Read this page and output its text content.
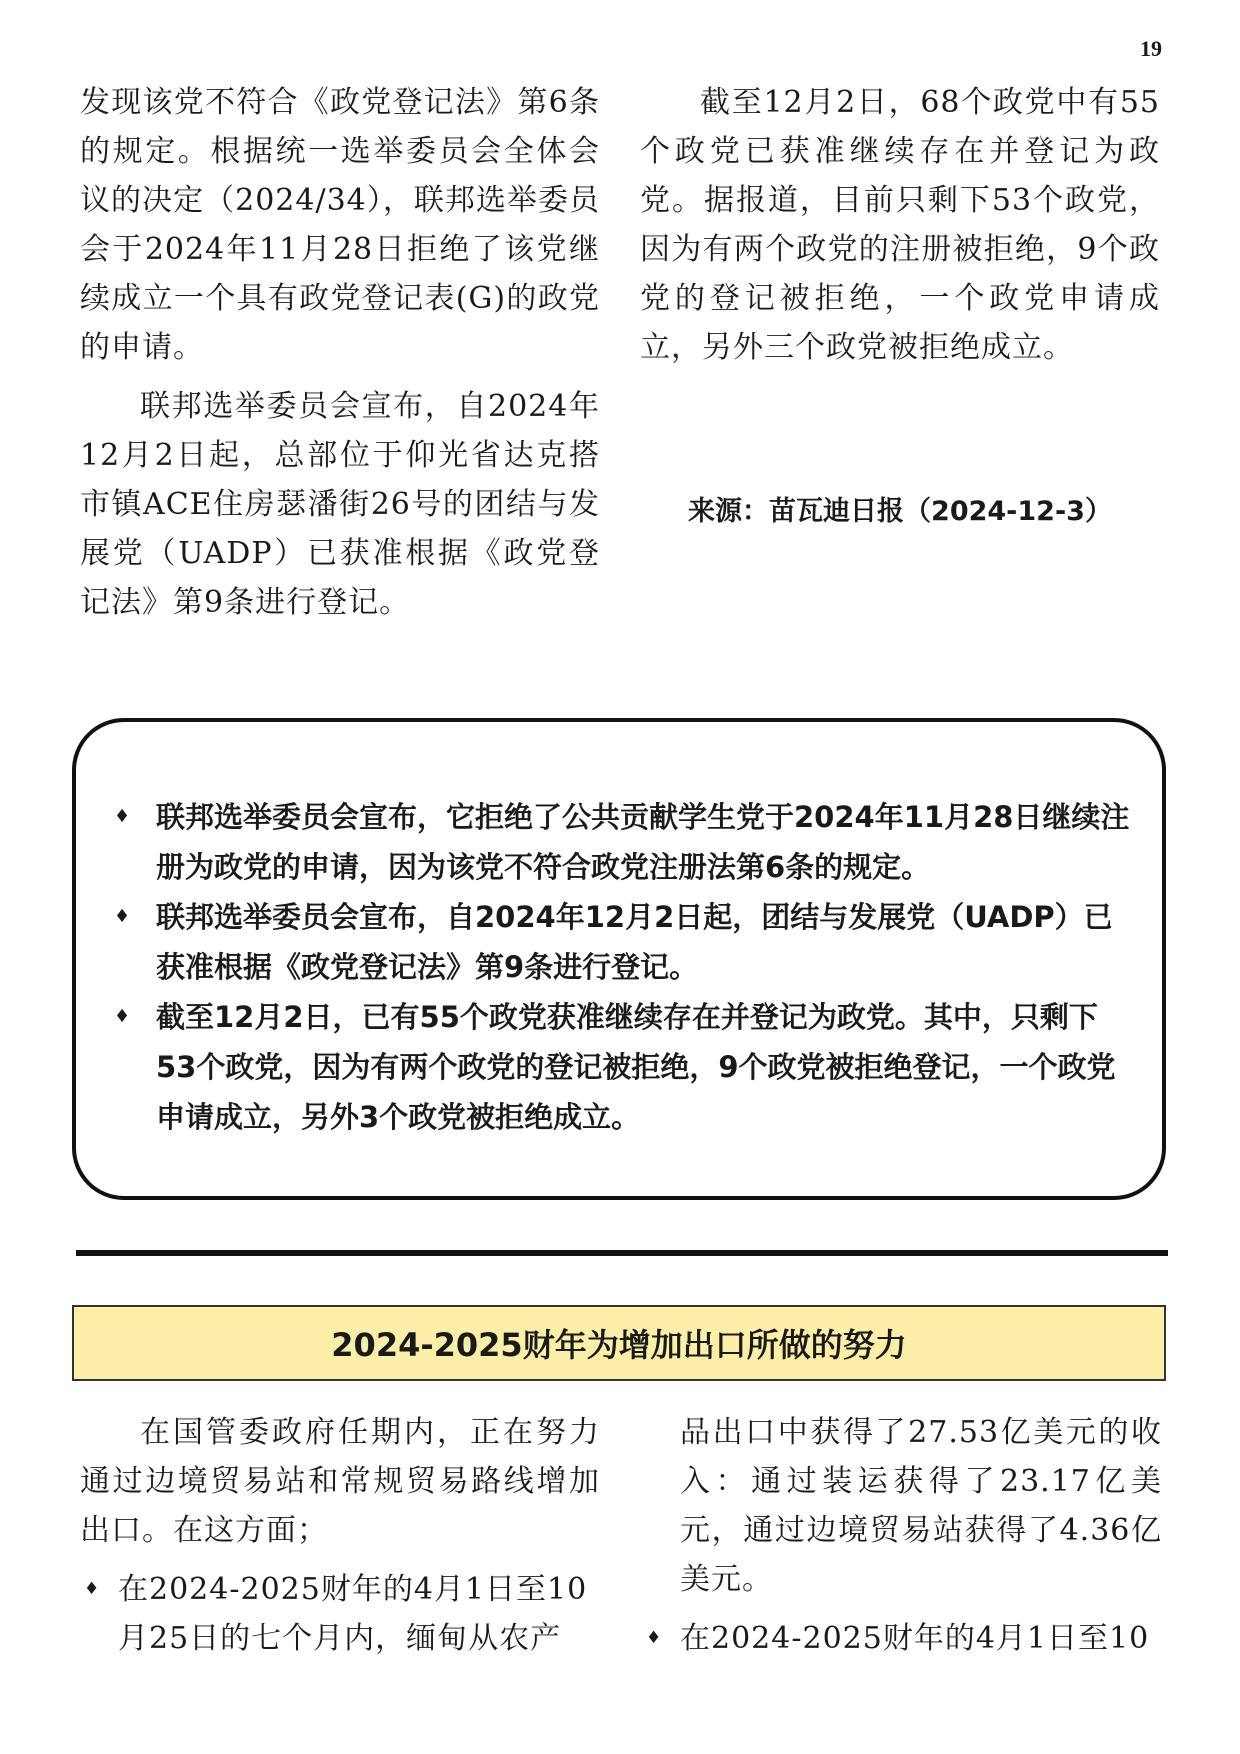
19

发现该党不符合《政党登记法》第6条的规定。根据统一选举委员会全体会议的决定（2024/34），联邦选举委员会于2024年11月28日拒绝了该党继续成立一个具有政党登记表(G)的政党的申请。

联邦选举委员会宣布，自2024年12月2日起，总部位于仰光省达克搭市镇ACE住房瑟潘街26号的团结与发展党（UADP）已获准根据《政党登记法》第9条进行登记。

截至12月2日，68个政党中有55个政党已获准继续存在并登记为政党。据报道，目前只剩下53个政党，因为有两个政党的注册被拒绝，9个政党的登记被拒绝，一个政党申请成立，另外三个政党被拒绝成立。

来源：苗瓦迪日报（2024-12-3）
♦ 联邦选举委员会宣布，它拒绝了公共贡献学生党于2024年11月28日继续注册为政党的申请，因为该党不符合政党注册法第6条的规定。
♦ 联邦选举委员会宣布，自2024年12月2日起，团结与发展党（UADP）已获准根据《政党登记法》第9条进行登记。
♦ 截至12月2日，已有55个政党获准继续存在并登记为政党。其中，只剩下53个政党，因为有两个政党的登记被拒绝，9个政党被拒绝登记，一个政党申请成立，另外3个政党被拒绝成立。
2024-2025财年为增加出口所做的努力

在国管委政府任期内，正在努力通过边境贸易站和常规贸易路线增加出口。在这方面；

♦ 在2024-2025财年的4月1日至10月25日的七个月内，缅甸从农产

品出口中获得了27.53亿美元的收入：通过装运获得了23.17亿美元，通过边境贸易站获得了4.36亿美元。

♦ 在2024-2025财年的4月1日至10
